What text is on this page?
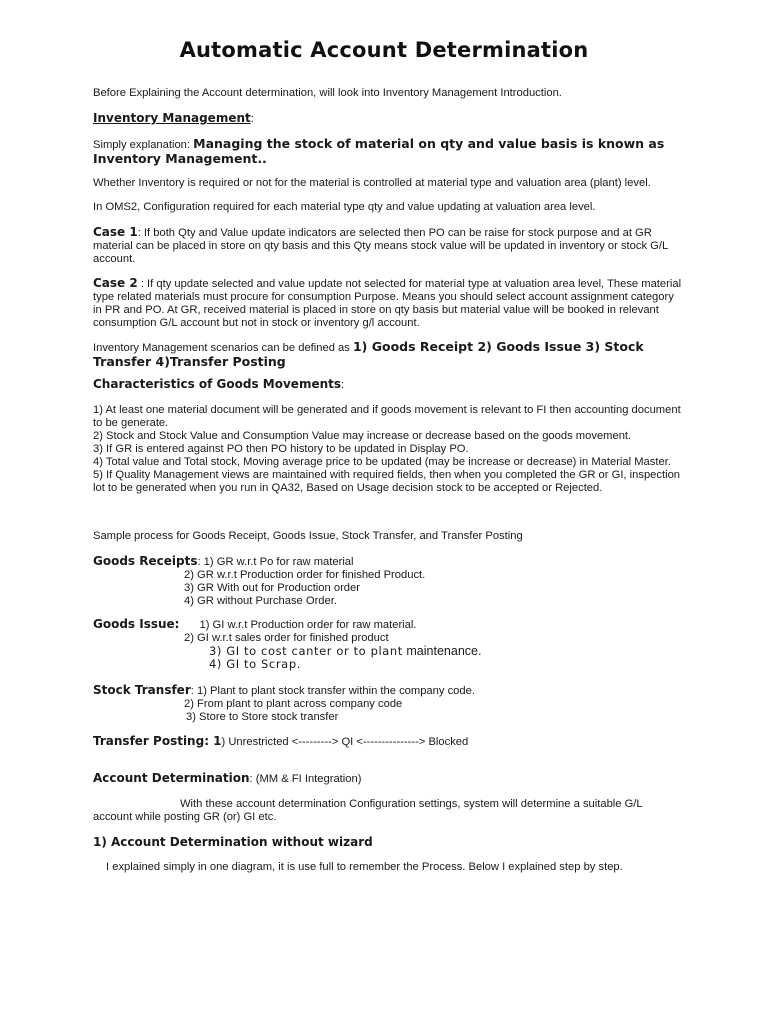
Automatic Account Determination
Before Explaining the Account determination, will look into Inventory Management Introduction.
Inventory Management:
Simply explanation: Managing the stock of material on qty and value basis is known as Inventory Management..
Whether Inventory is required or not for the material is controlled at material type and valuation area (plant) level.
In OMS2, Configuration required for each material type qty and value updating at valuation area level.
Case 1: If both Qty and Value update indicators are selected then PO can be raise for stock purpose and at GR material can be placed in store on qty basis and this Qty means stock value will be updated in inventory or stock G/L account.
Case 2 : If qty update selected and value update not selected for material type at valuation area level, These material type related materials must procure for consumption Purpose. Means you should select account assignment category in PR and PO. At GR, received material is placed in store on qty basis but material value will be booked in relevant consumption G/L account but not in stock or inventory g/l account.
Inventory Management scenarios can be defined as 1) Goods Receipt 2) Goods Issue 3) Stock Transfer 4)Transfer Posting
Characteristics of Goods Movements:
1) At least one material document will be generated and if goods movement is relevant to FI then accounting document to be generate.
2) Stock and Stock Value and Consumption Value may increase or decrease based on the goods movement.
3) If GR is entered against PO then PO history to be updated in Display PO.
4) Total value and Total stock, Moving average price to be updated (may be increase or decrease) in Material Master.
5) If Quality Management views are maintained with required fields, then when you completed the GR or GI, inspection lot to be generated when you run in QA32, Based on Usage decision stock to be accepted or Rejected.
Sample process for Goods Receipt, Goods Issue, Stock Transfer, and Transfer Posting
Goods Receipts: 1) GR w.r.t Po for raw material
2) GR w.r.t Production order for finished Product.
3) GR With out for Production order
4) GR without Purchase Order.
Goods Issue: 1) GI w.r.t Production order for raw material.
2) GI w.r.t sales order for finished product
3) GI to cost canter or to plant maintenance.
4) GI to Scrap.
Stock Transfer: 1) Plant to plant stock transfer within the company code.
2) From plant to plant across company code
3) Store to Store stock transfer
Transfer Posting: 1) Unrestricted <---------> QI <---------------> Blocked
Account Determination: (MM & FI Integration)
With these account determination Configuration settings, system will determine a suitable G/L account while posting GR (or) GI etc.
1) Account Determination without wizard
I explained simply in one diagram, it is use full to remember the Process. Below I explained step by step.
